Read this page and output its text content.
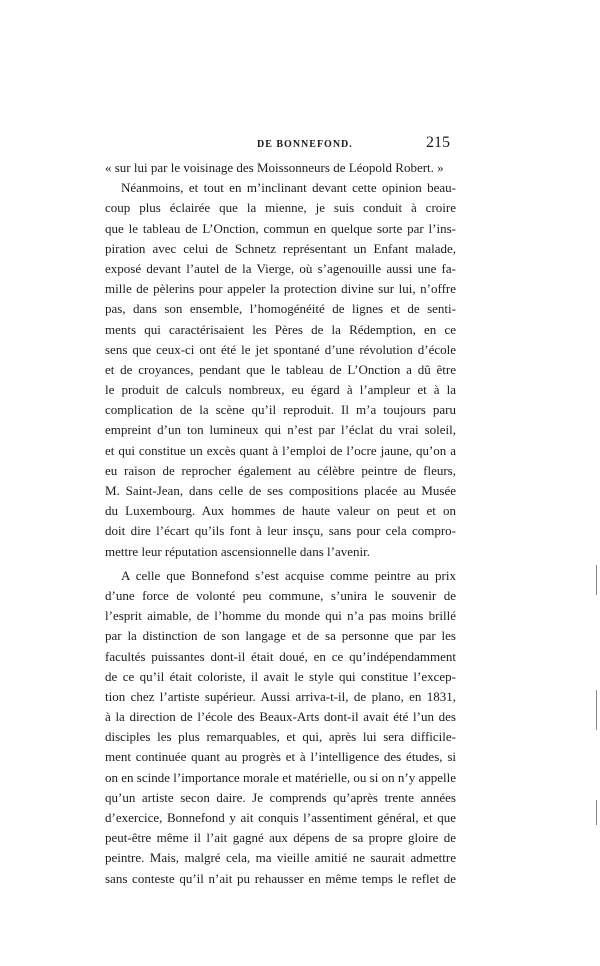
DE BONNEFOND.	215
« sur lui par le voisinage des Moissonneurs de Léopold Robert. »
Néanmoins, et tout en m’inclinant devant cette opinion beau-
coup plus éclairée que la mienne, je suis conduit à croire
que le tableau de L’Onction, commun en quelque sorte par l’ins-
piration avec celui de Schnetz représentant un Enfant malade,
exposé devant l’autel de la Vierge, où s’agenouille aussi une fa-
mille de pèlerins pour appeler la protection divine sur lui, n’offre
pas, dans son ensemble, l’homogénéité de lignes et de senti-
ments qui caractérisaient les Pères de la Rédemption, en ce
sens que ceux-ci ont été le jet spontané d’une révolution d’école
et de croyances, pendant que le tableau de L’Onction a dû être
le produit de calculs nombreux, eu égard à l’ampleur et à la
complication de la scène qu’il reproduit. Il m’a toujours paru
empreint d’un ton lumineux qui n’est par l’éclat du vrai soleil,
et qui constitue un excès quant à l’emploi de l’ocre jaune, qu’on a
eu raison de reprocher également au célèbre peintre de fleurs,
M. Saint-Jean, dans celle de ses compositions placée au Musée
du Luxembourg. Aux hommes de haute valeur on peut et on
doit dire l’écart qu’ils font à leur insçu, sans pour cela compro-
mettre leur réputation ascensionnelle dans l’avenir.
A celle que Bonnefond s’est acquise comme peintre au prix
d’une force de volonté peu commune, s’unira le souvenir de
l’esprit aimable, de l’homme du monde qui n’a pas moins brillé
par la distinction de son langage et de sa personne que par les
facultés puissantes dont-il était doué, en ce qu’indépendamment
de ce qu’il était coloriste, il avait le style qui constitue l’excep-
tion chez l’artiste supérieur. Aussi arriva-t-il, de plano, en 1831,
à la direction de l’école des Beaux-Arts dont-il avait été l’un des
disciples les plus remarquables, et qui, après lui sera difficile-
ment continuée quant au progrès et à l’intelligence des études, si
on en scinde l’importance morale et matérielle, ou si on n’y appelle
qu’un artiste secon daire. Je comprends qu’après trente années
d’exercice, Bonnefond y ait conquis l’assentiment général, et que
peut-être même il l’ait gagné aux dépens de sa propre gloire de
peintre. Mais, malgré cela, ma vieille amitié ne saurait admettre
sans conteste qu’il n’ait pu rehausser en même temps le reflet de
